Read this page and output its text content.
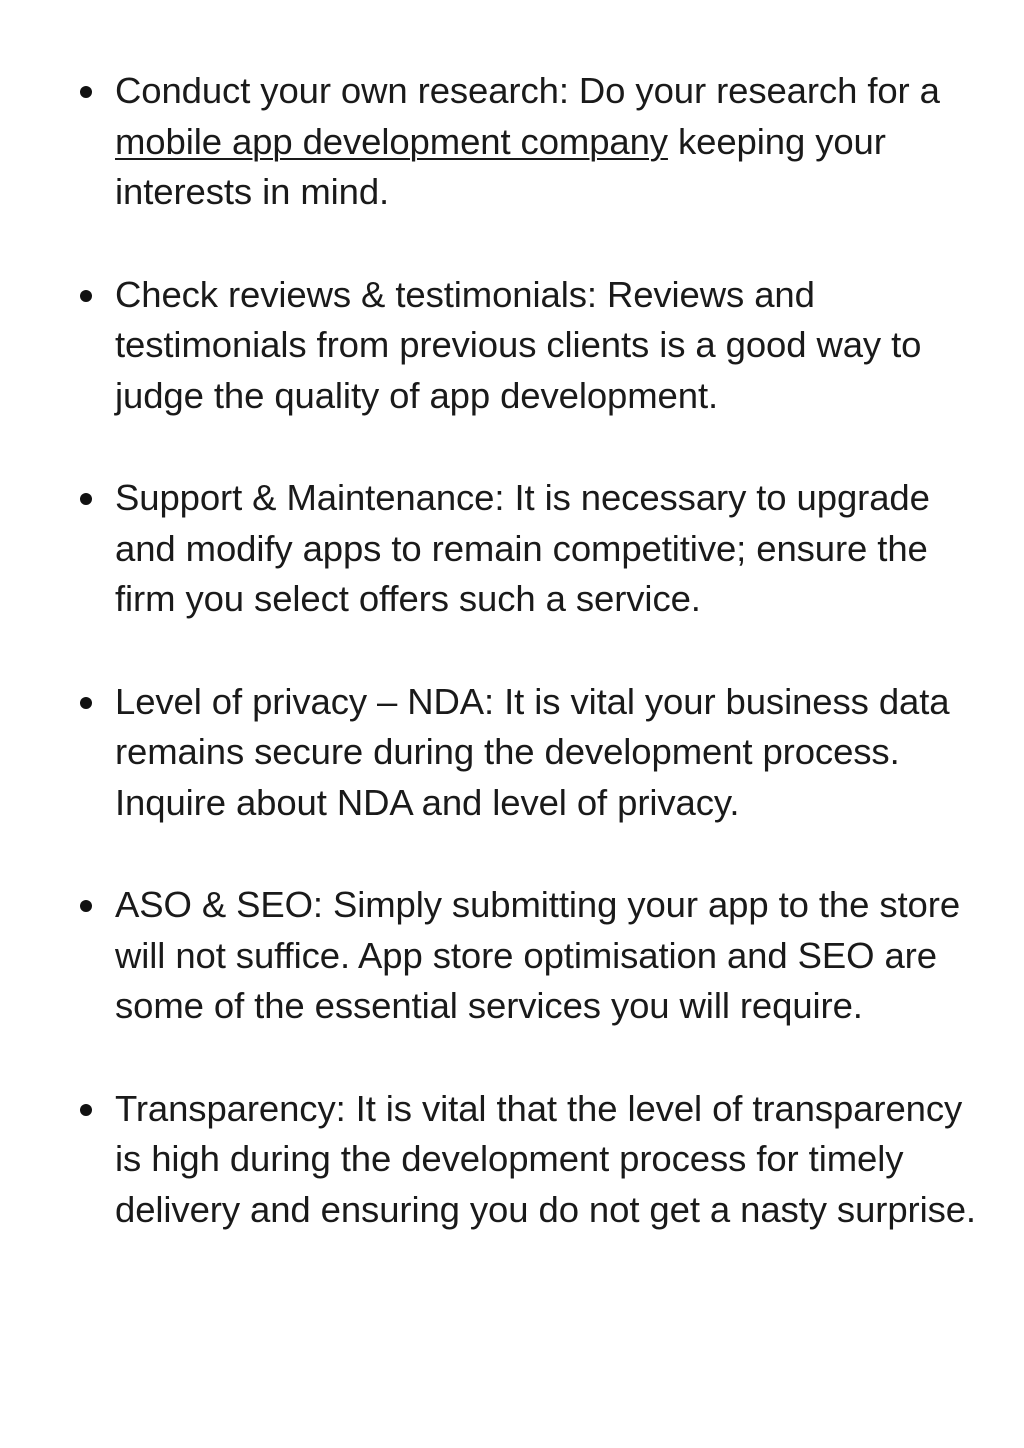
Conduct your own research: Do your research for a mobile app development company keeping your interests in mind.
Check reviews & testimonials: Reviews and testimonials from previous clients is a good way to judge the quality of app development.
Support & Maintenance: It is necessary to upgrade and modify apps to remain competitive; ensure the firm you select offers such a service.
Level of privacy – NDA: It is vital your business data remains secure during the development process. Inquire about NDA and level of privacy.
ASO & SEO: Simply submitting your app to the store will not suffice. App store optimisation and SEO are some of the essential services you will require.
Transparency: It is vital that the level of transparency is high during the development process for timely delivery and ensuring you do not get a nasty surprise.
